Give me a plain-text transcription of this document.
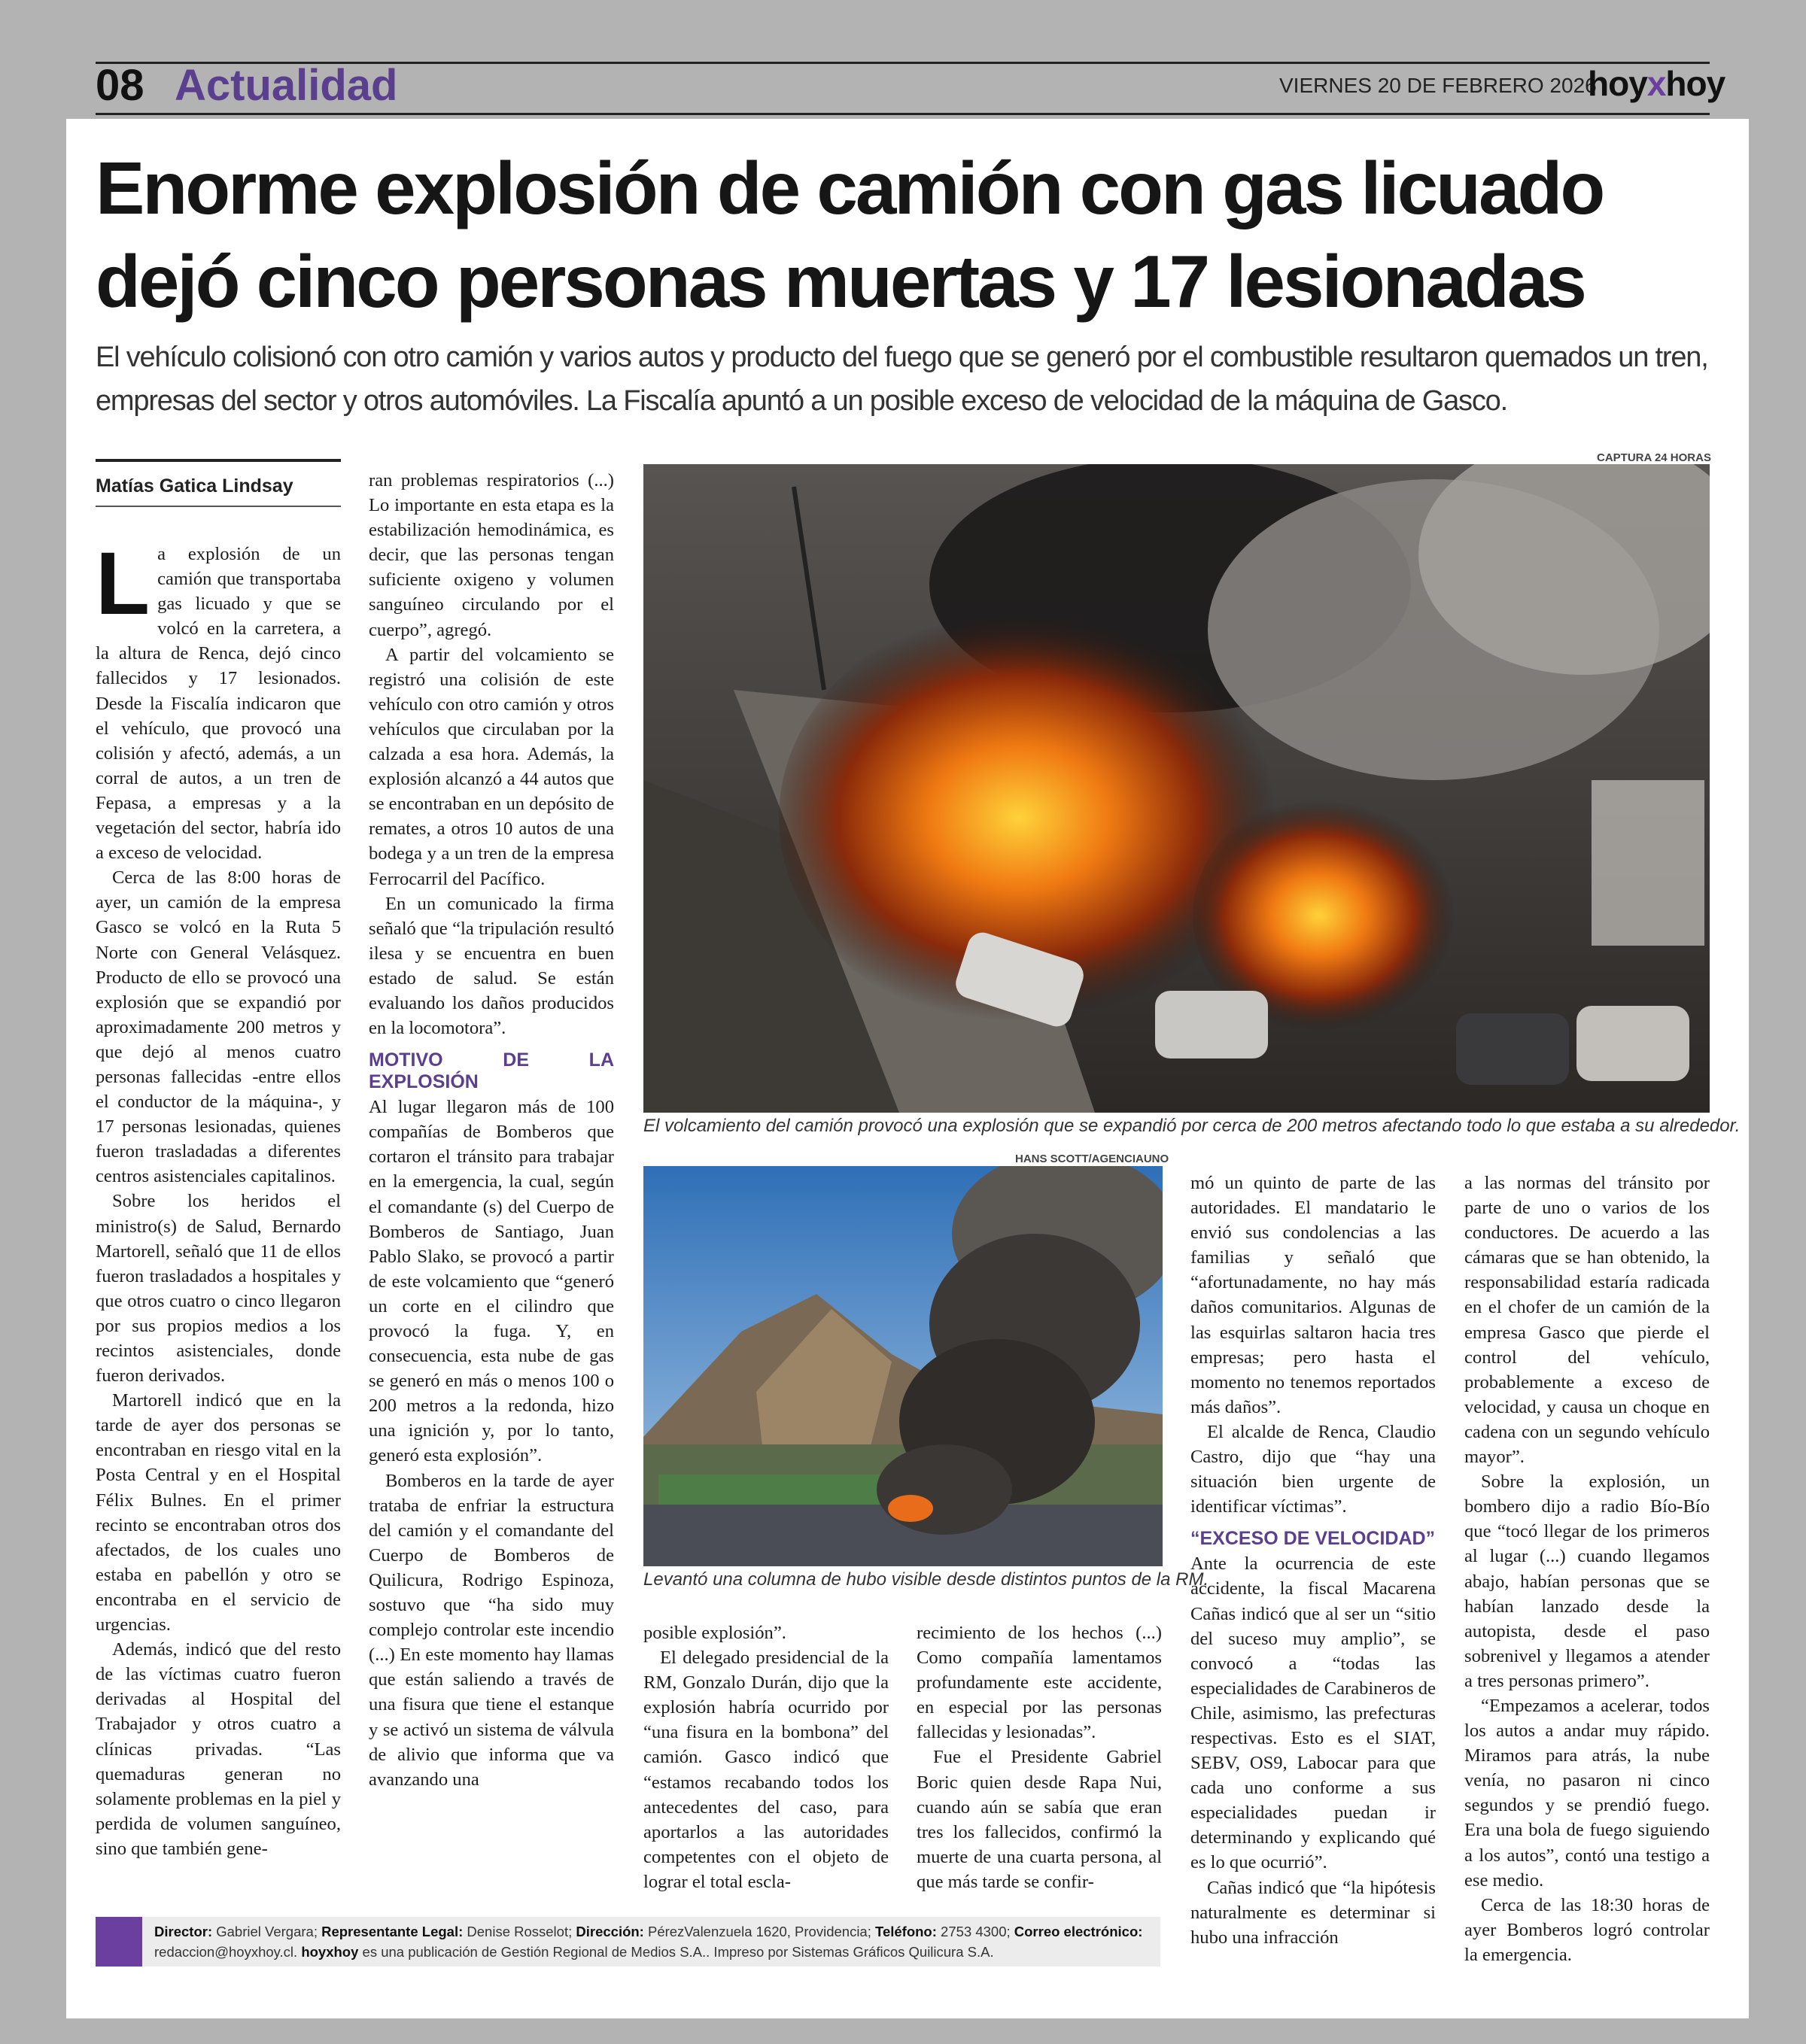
08 Actualidad	VIERNES 20 DE FEBRERO 2026
hoyxhoy
Enorme explosión de camión con gas licuado dejó cinco personas muertas y 17 lesionadas

El vehículo colisionó con otro camión y varios autos y producto del fuego que se generó por el combustible resultaron quemados un tren, empresas del sector y otros automóviles. La Fiscalía apuntó a un posible exceso de velocidad de la máquina de Gasco.

Matías Gatica Lindsay

La explosión de un camión que transportaba gas licuado y que se volcó en la carretera, a la altura de Renca, dejó cinco fallecidos y 17 lesionados. Desde la Fiscalía indicaron que el vehículo, que provocó una colisión y afectó, además, a un corral de autos, a un tren de Fepasa, a empresas y a la vegetación del sector, habría ido a exceso de velocidad.

Cerca de las 8:00 horas de ayer, un camión de la empresa Gasco se volcó en la Ruta 5 Norte con General Velásquez. Producto de ello se provocó una explosión que se expandió por aproximadamente 200 metros y que dejó al menos cuatro personas fallecidas -entre ellos el conductor de la máquina-, y 17 personas lesionadas, quienes fueron trasladadas a diferentes centros asistenciales capitalinos.

Sobre los heridos el ministro(s) de Salud, Bernardo Martorell, señaló que 11 de ellos fueron trasladados a hospitales y que otros cuatro o cinco llegaron por sus propios medios a los recintos asistenciales, donde fueron derivados.

Martorell indicó que en la tarde de ayer dos personas se encontraban en riesgo vital en la Posta Central y en el Hospital Félix Bulnes. En el primer recinto se encontraban otros dos afectados, de los cuales uno estaba en pabellón y otro se encontraba en el servicio de urgencias.

Además, indicó que del resto de las víctimas cuatro fueron derivadas al Hospital del Trabajador y otros cuatro a clínicas privadas. “Las quemaduras generan no solamente problemas en la piel y perdida de volumen sanguíneo, sino que también gene-

ran problemas respiratorios (...) Lo importante en esta etapa es la estabilización hemodinámica, es decir, que las personas tengan suficiente oxigeno y volumen sanguíneo circulando por el cuerpo”, agregó.

A partir del volcamiento se registró una colisión de este vehículo con otro camión y otros vehículos que circulaban por la calzada a esa hora. Además, la explosión alcanzó a 44 autos que se encontraban en un depósito de remates, a otros 10 autos de una bodega y a un tren de la empresa Ferrocarril del Pacífico.

En un comunicado la firma señaló que “la tripulación resultó ilesa y se encuentra en buen estado de salud. Se están evaluando los daños producidos en la locomotora”.

MOTIVO DE LA EXPLOSIÓN

Al lugar llegaron más de 100 compañías de Bomberos que cortaron el tránsito para trabajar en la emergencia, la cual, según el comandante (s) del Cuerpo de Bomberos de Santiago, Juan Pablo Slako, se provocó a partir de este volcamiento que “generó un corte en el cilindro que provocó la fuga. Y, en consecuencia, esta nube de gas se generó en más o menos 100 o 200 metros a la redonda, hizo una ignición y, por lo tanto, generó esta explosión”.

Bomberos en la tarde de ayer trataba de enfriar la estructura del camión y el comandante del Cuerpo de Bomberos de Quilicura, Rodrigo Espinoza, sostuvo que “ha sido muy complejo controlar este incendio (...) En este momento hay llamas que están saliendo a través de una fisura que tiene el estanque y se activó un sistema de válvula de alivio que informa que va avanzando una

CAPTURA 24 HORAS

El volcamiento del camión provocó una explosión que se expandió por cerca de 200 metros afectando todo lo que estaba a su alrededor.

HANS SCOTT/AGENCIAUNO

Levantó una columna de hubo visible desde distintos puntos de la RM.

posible explosión”.

El delegado presidencial de la RM, Gonzalo Durán, dijo que la explosión habría ocurrido por “una fisura en la bombona” del camión. Gasco indicó que “estamos recabando todos los antecedentes del caso, para aportarlos a las autoridades competentes con el objeto de lograr el total escla-

recimiento de los hechos (...) Como compañía lamentamos profundamente este accidente, en especial por las personas fallecidas y lesionadas”.

Fue el Presidente Gabriel Boric quien desde Rapa Nui, cuando aún se sabía que eran tres los fallecidos, confirmó la muerte de una cuarta persona, al que más tarde se confir-

mó un quinto de parte de las autoridades. El mandatario le envió sus condolencias a las familias y señaló que “afortunadamente, no hay más daños comunitarios. Algunas de las esquirlas saltaron hacia tres empresas; pero hasta el momento no tenemos reportados más daños”.

El alcalde de Renca, Claudio Castro, dijo que “hay una situación bien urgente de identificar víctimas”.

“EXCESO DE VELOCIDAD”

Ante la ocurrencia de este accidente, la fiscal Macarena Cañas indicó que al ser un “sitio del suceso muy amplio”, se convocó a “todas las especialidades de Carabineros de Chile, asimismo, las prefecturas respectivas. Esto es el SIAT, SEBV, OS9, Labocar para que cada uno conforme a sus especialidades puedan ir determinando y explicando qué es lo que ocurrió”.

Cañas indicó que “la hipótesis naturalmente es determinar si hubo una infracción

a las normas del tránsito por parte de uno o varios de los conductores. De acuerdo a las cámaras que se han obtenido, la responsabilidad estaría radicada en el chofer de un camión de la empresa Gasco que pierde el control del vehículo, probablemente a exceso de velocidad, y causa un choque en cadena con un segundo vehículo mayor”.

Sobre la explosión, un bombero dijo a radio Bío-Bío que “tocó llegar de los primeros al lugar (...) cuando llegamos abajo, habían personas que se habían lanzado desde la autopista, desde el paso sobrenivel y llegamos a atender a tres personas primero”.

“Empezamos a acelerar, todos los autos a andar muy rápido. Miramos para atrás, la nube venía, no pasaron ni cinco segundos y se prendió fuego. Era una bola de fuego siguiendo a los autos”, contó una testigo a ese medio.

Cerca de las 18:30 horas de ayer Bomberos logró controlar la emergencia.

Director: Gabriel Vergara; Representante Legal: Denise Rosselot; Dirección: PérezValenzuela 1620, Providencia; Teléfono: 2753 4300; Correo electrónico: redaccion@hoyxhoy.cl. hoyxhoy es una publicación de Gestión Regional de Medios S.A.. Impreso por Sistemas Gráficos Quilicura S.A.
